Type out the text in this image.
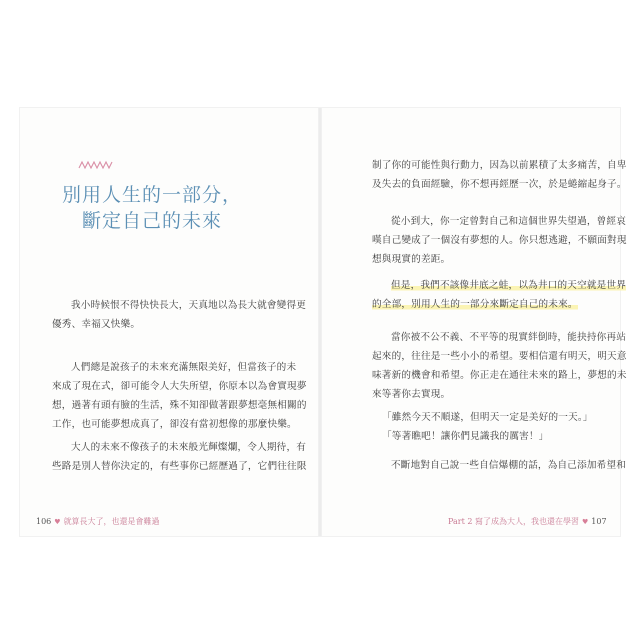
別用人生的一部分，
斷定自己的未來
我小時候恨不得快快長大，天真地以為長大就會變得更
優秀、幸福又快樂。
人們總是說孩子的未來充滿無限美好，但當孩子的未
來成了現在式，卻可能令人大失所望，你原本以為會實現夢
想，過著有頭有臉的生活，殊不知卻做著跟夢想毫無相關的
工作，也可能夢想成真了，卻沒有當初想像的那麼快樂。
大人的未來不像孩子的未來般光輝燦爛，令人期待，有
些路是別人替你決定的，有些事你已經歷過了，它們往往限
106 ♥ 就算長大了，也還是會難過
制了你的可能性與行動力，因為以前累積了太多痛苦，自卑
及失去的負面經驗，你不想再經歷一次，於是蜷縮起身子。
從小到大，你一定曾對自己和這個世界失望過，曾經哀
嘆自己變成了一個沒有夢想的人。你只想逃避，不願面對現
想與現實的差距。
但是，我們不該像井底之蛙，以為井口的天空就是世界
的全部，別用人生的一部分來斷定自己的未來。
當你被不公不義、不平等的現實絆倒時，能抉持你再站
起來的，往往是一些小小的希望。要相信還有明天，明天意
味著新的機會和希望。你正走在通往未來的路上，夢想的未
來等著你去實現。
「雖然今天不順遂，但明天一定是美好的一天。」
「等著瞧吧！讓你們見識我的厲害！」
不斷地對自己說一些自信爆棚的話，為自己添加希望和
Part 2 寫了成為大人，我也還在學習 ♥ 107
